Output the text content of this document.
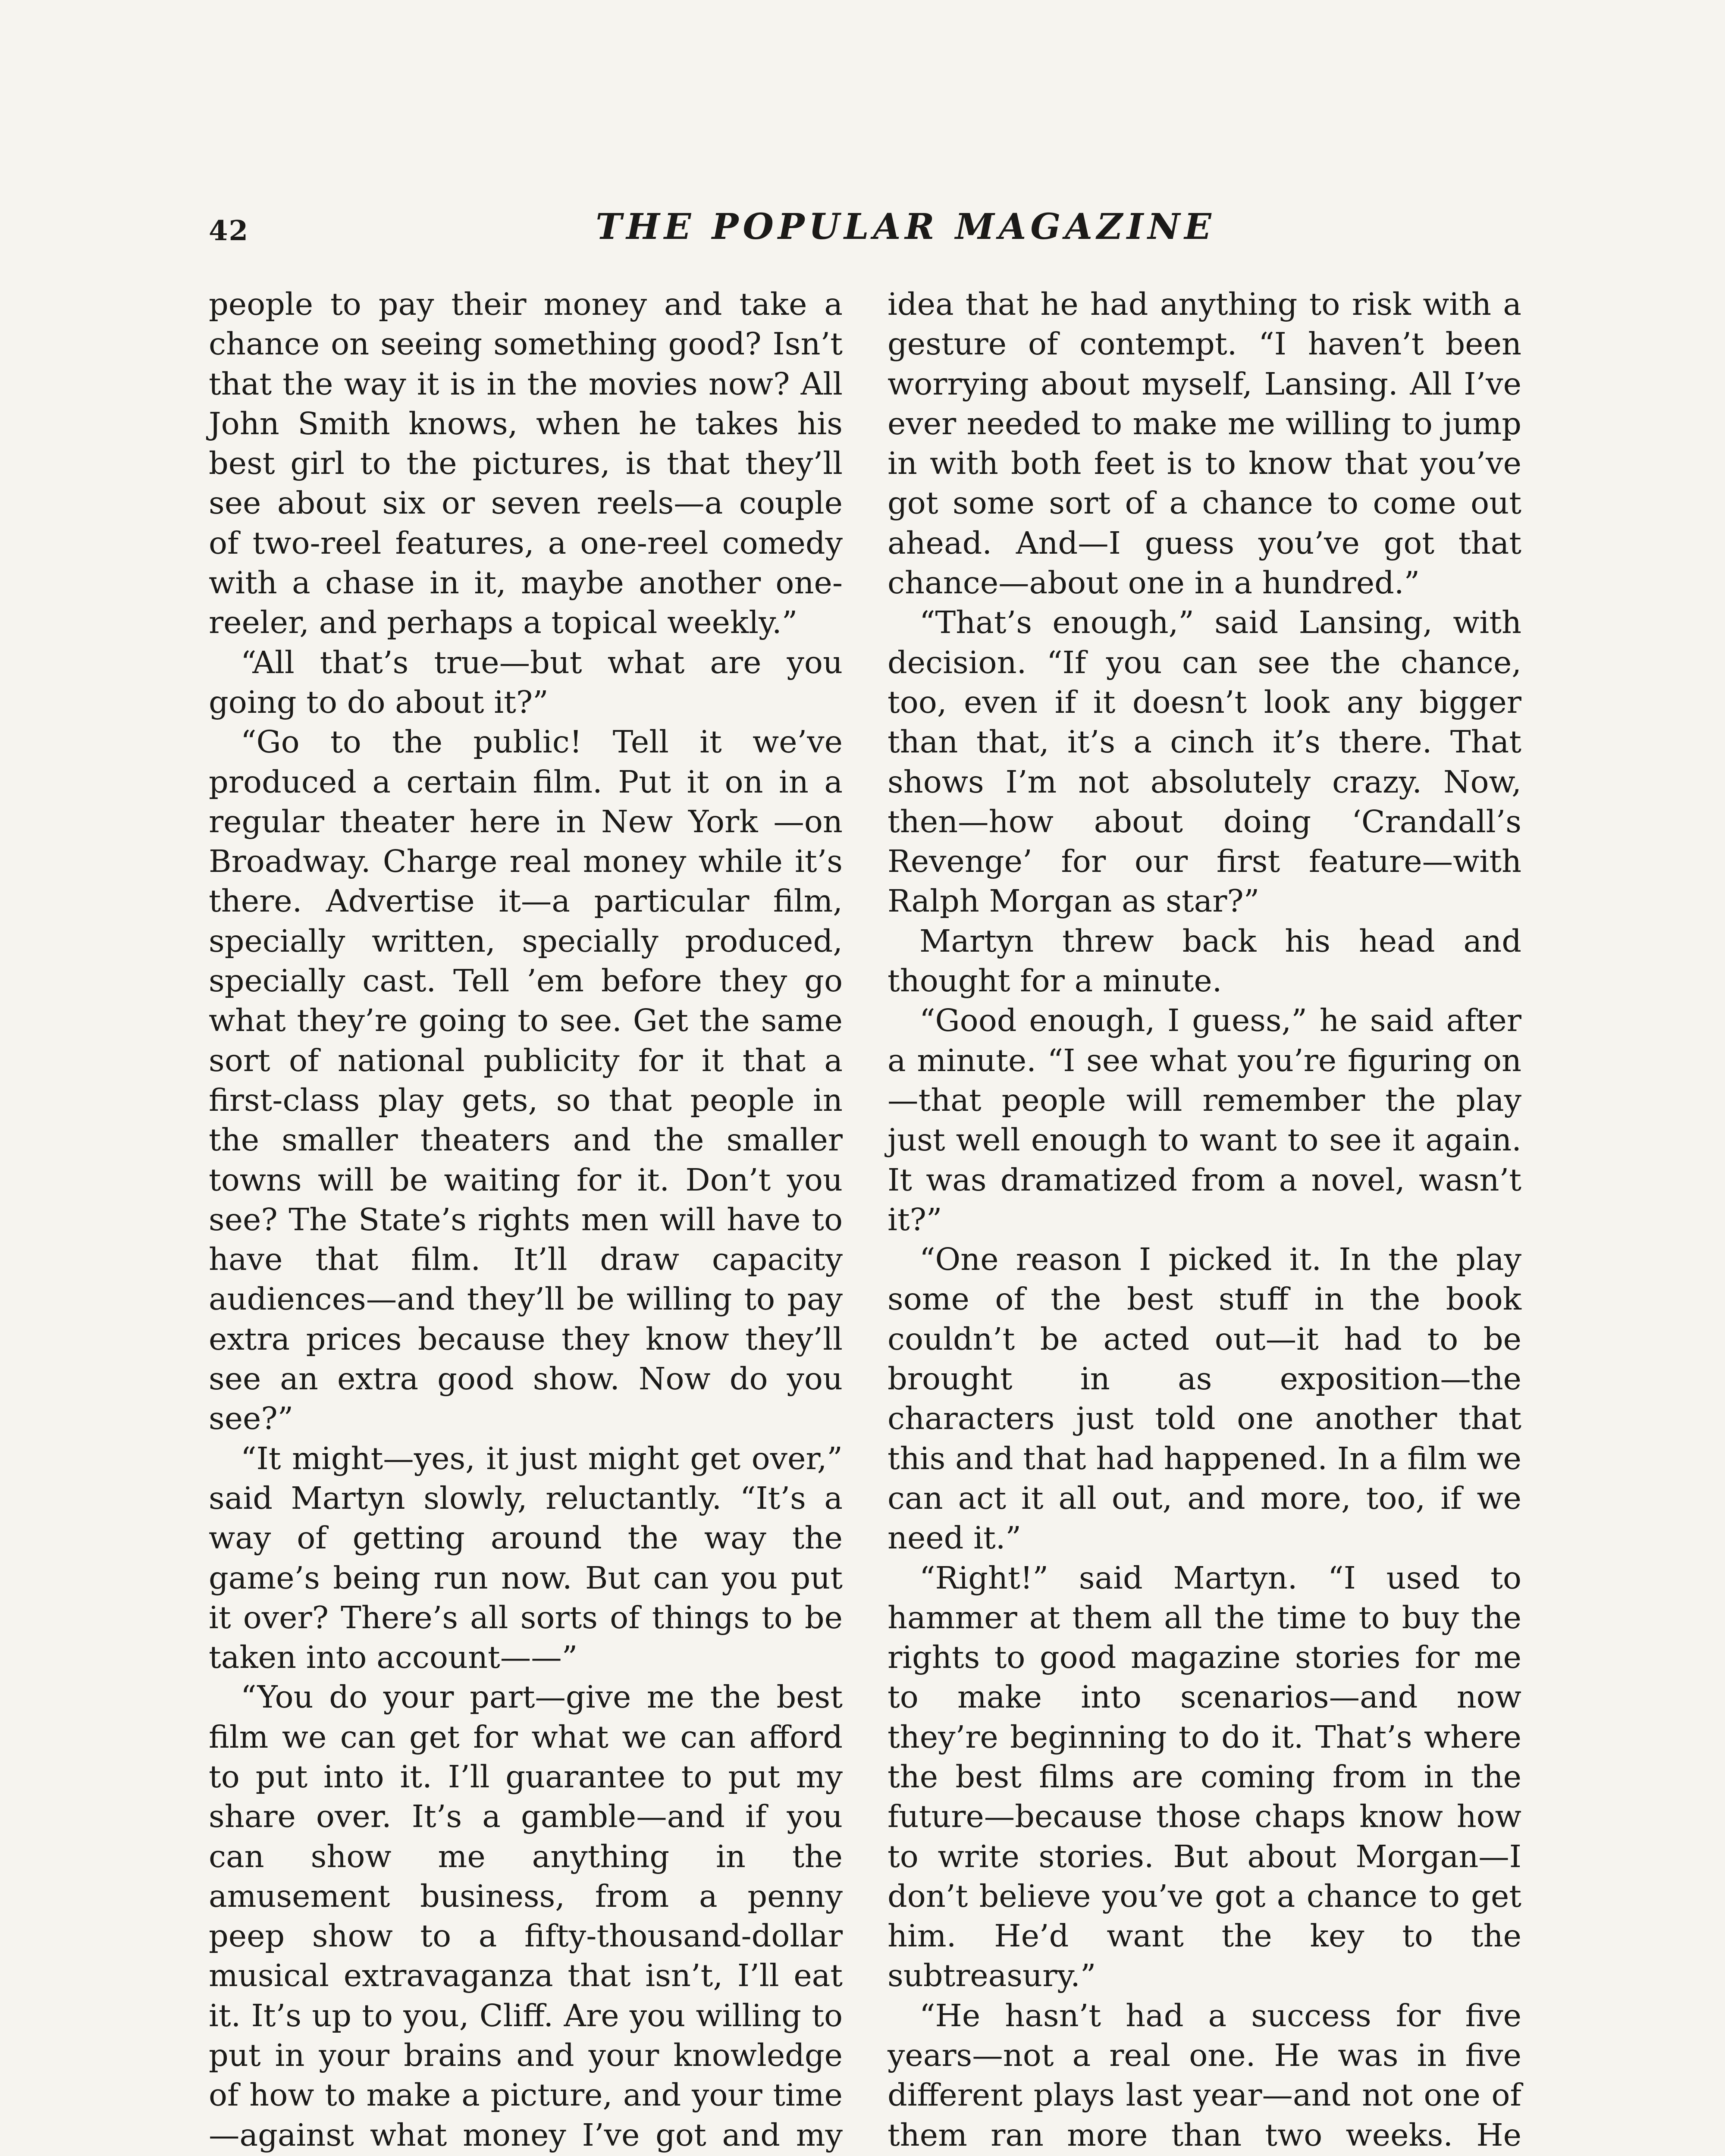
42	THE POPULAR MAGAZINE

people to pay their money and take a chance on seeing something good? Isn’t that the way it is in the movies now? All John Smith knows, when he takes his best girl to the pictures, is that they’ll see about six or seven reels—a couple of two-reel features, a one-reel comedy with a chase in it, maybe another one-reeler, and perhaps a topical weekly.”

“All that’s true—but what are you going to do about it?”

“Go to the public! Tell it we’ve produced a certain film. Put it on in a regular theater here in New York —on Broadway. Charge real money while it’s there. Advertise it—a particular film, specially written, specially produced, specially cast. Tell ’em before they go what they’re going to see. Get the same sort of national publicity for it that a first-class play gets, so that people in the smaller theaters and the smaller towns will be waiting for it. Don’t you see? The State’s rights men will have to have that film. It’ll draw capacity audiences—and they’ll be willing to pay extra prices because they know they’ll see an extra good show. Now do you see?”

“It might—yes, it just might get over,” said Martyn slowly, reluctantly. “It’s a way of getting around the way the game’s being run now. But can you put it over? There’s all sorts of things to be taken into account——”

“You do your part—give me the best film we can get for what we can afford to put into it. I’ll guarantee to put my share over. It’s a gamble—and if you can show me anything in the amusement business, from a penny peep show to a fifty-thousand-dollar musical extravaganza that isn’t, I’ll eat it. It’s up to you, Cliff. Are you willing to put in your brains and your knowledge of how to make a picture, and your time—against what money I’ve got and my

idea that he had anything to risk with a gesture of contempt. “I haven’t been worrying about myself, Lansing. All I’ve ever needed to make me willing to jump in with both feet is to know that you’ve got some sort of a chance to come out ahead. And—I guess you’ve got that chance—about one in a hundred.”

“That’s enough,” said Lansing, with decision. “If you can see the chance, too, even if it doesn’t look any bigger than that, it’s a cinch it’s there. That shows I’m not absolutely crazy. Now, then—how about doing ‘Crandall’s Revenge’ for our first feature—with Ralph Morgan as star?”

Martyn threw back his head and thought for a minute.

“Good enough, I guess,” he said after a minute. “I see what you’re figuring on—that people will remember the play just well enough to want to see it again. It was dramatized from a novel, wasn’t it?”

“One reason I picked it. In the play some of the best stuff in the book couldn’t be acted out—it had to be brought in as exposition—the characters just told one another that this and that had happened. In a film we can act it all out, and more, too, if we need it.”

“Right!” said Martyn. “I used to hammer at them all the time to buy the rights to good magazine stories for me to make into scenarios—and now they’re beginning to do it. That’s where the best films are coming from in the future—because those chaps know how to write stories. But about Morgan—I don’t believe you’ve got a chance to get him. He’d want the key to the subtreasury.”

“He hasn’t had a success for five years—not a real one. He was in five different plays last year—and not one of them ran more than two weeks. He
